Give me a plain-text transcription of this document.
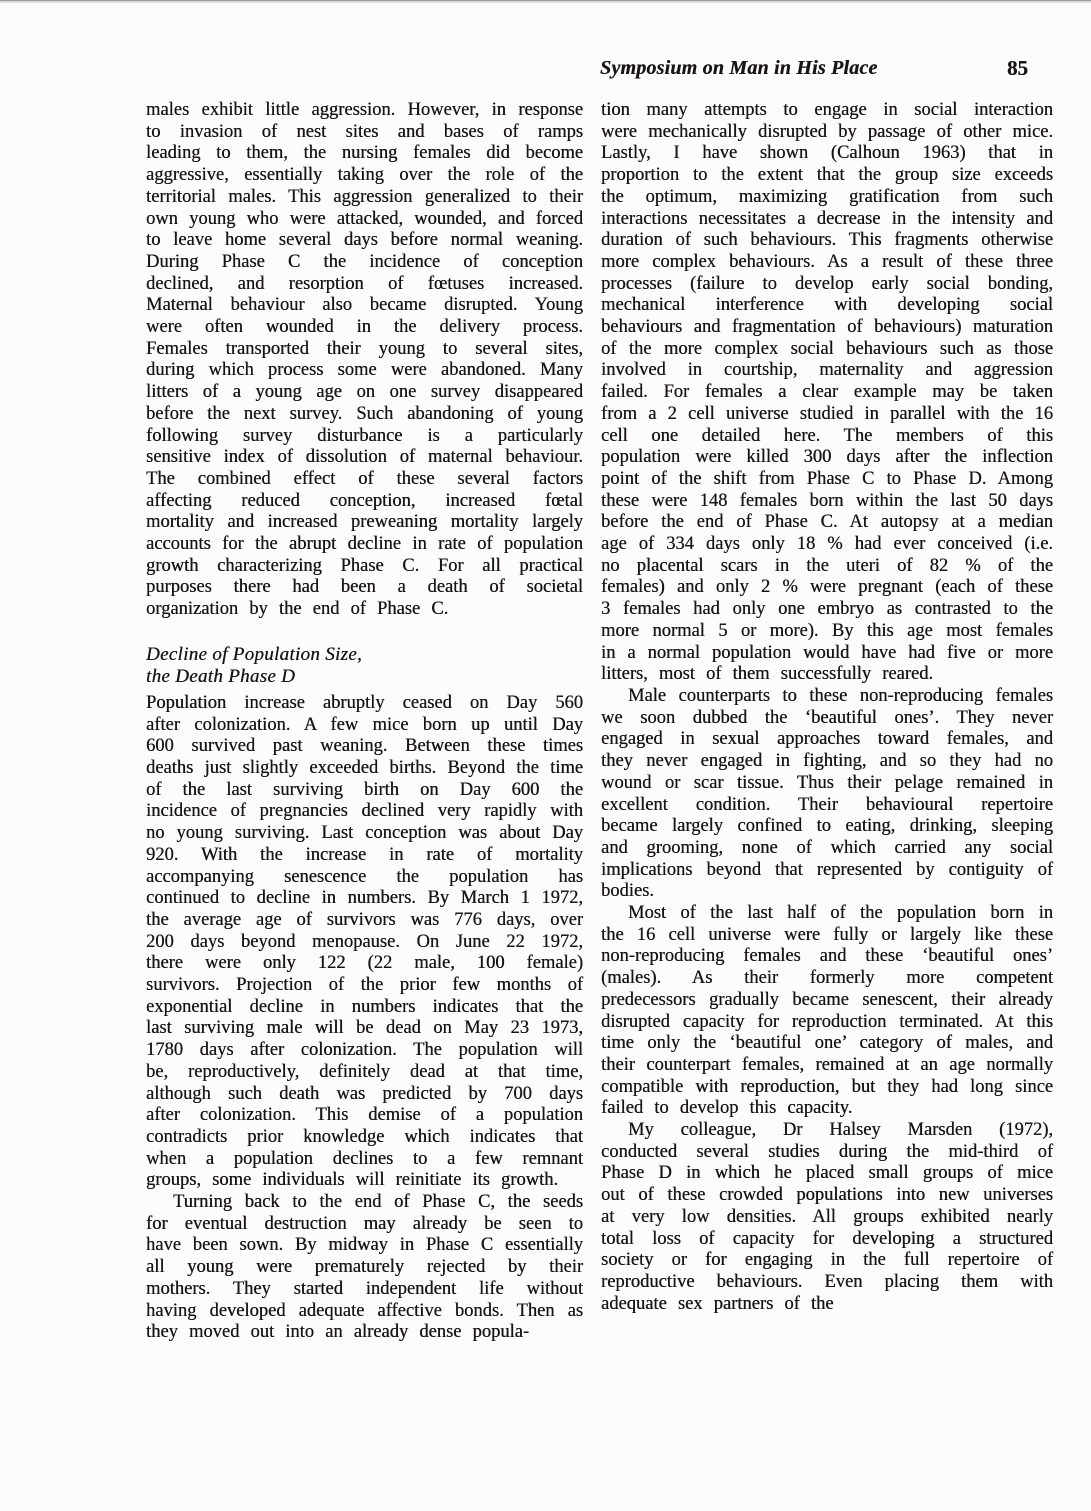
Symposium on Man in His Place	85

males exhibit little aggression. However, in response to invasion of nest sites and bases of ramps leading to them, the nursing females did become aggressive, essentially taking over the role of the territorial males. This aggression generalized to their own young who were attacked, wounded, and forced to leave home several days before normal weaning. During Phase C the incidence of conception declined, and resorption of fœtuses increased. Maternal behaviour also became disrupted. Young were often wounded in the delivery process. Females transported their young to several sites, during which process some were abandoned. Many litters of a young age on one survey disappeared before the next survey. Such abandoning of young following survey disturbance is a particularly sensitive index of dissolution of maternal behaviour. The combined effect of these several factors affecting reduced conception, increased fœtal mortality and increased preweaning mortality largely accounts for the abrupt decline in rate of population growth characterizing Phase C. For all practical purposes there had been a death of societal organization by the end of Phase C.

Decline of Population Size,
the Death Phase D

Population increase abruptly ceased on Day 560 after colonization. A few mice born up until Day 600 survived past weaning. Between these times deaths just slightly exceeded births. Beyond the time of the last surviving birth on Day 600 the incidence of pregnancies declined very rapidly with no young surviving. Last conception was about Day 920. With the increase in rate of mortality accompanying senescence the population has continued to decline in numbers. By March 1 1972, the average age of survivors was 776 days, over 200 days beyond menopause. On June 22 1972, there were only 122 (22 male, 100 female) survivors. Projection of the prior few months of exponential decline in numbers indicates that the last surviving male will be dead on May 23 1973, 1780 days after colonization. The population will be, reproductively, definitely dead at that time, although such death was predicted by 700 days after colonization. This demise of a population contradicts prior knowledge which indicates that when a population declines to a few remnant groups, some individuals will reinitiate its growth.

Turning back to the end of Phase C, the seeds for eventual destruction may already be seen to have been sown. By midway in Phase C essentially all young were prematurely rejected by their mothers. They started independent life without having developed adequate affective bonds. Then as they moved out into an already dense popula-

tion many attempts to engage in social interaction were mechanically disrupted by passage of other mice. Lastly, I have shown (Calhoun 1963) that in proportion to the extent that the group size exceeds the optimum, maximizing gratification from such interactions necessitates a decrease in the intensity and duration of such behaviours. This fragments otherwise more complex behaviours. As a result of these three processes (failure to develop early social bonding, mechanical interference with developing social behaviours and fragmentation of behaviours) maturation of the more complex social behaviours such as those involved in courtship, maternality and aggression failed. For females a clear example may be taken from a 2 cell universe studied in parallel with the 16 cell one detailed here. The members of this population were killed 300 days after the inflection point of the shift from Phase C to Phase D. Among these were 148 females born within the last 50 days before the end of Phase C. At autopsy at a median age of 334 days only 18 % had ever conceived (i.e. no placental scars in the uteri of 82 % of the females) and only 2 % were pregnant (each of these 3 females had only one embryo as contrasted to the more normal 5 or more). By this age most females in a normal population would have had five or more litters, most of them successfully reared.

Male counterparts to these non-reproducing females we soon dubbed the ‘beautiful ones’. They never engaged in sexual approaches toward females, and they never engaged in fighting, and so they had no wound or scar tissue. Thus their pelage remained in excellent condition. Their behavioural repertoire became largely confined to eating, drinking, sleeping and grooming, none of which carried any social implications beyond that represented by contiguity of bodies.

Most of the last half of the population born in the 16 cell universe were fully or largely like these non-reproducing females and these ‘beautiful ones’ (males). As their formerly more competent predecessors gradually became senescent, their already disrupted capacity for reproduction terminated. At this time only the ‘beautiful one’ category of males, and their counterpart females, remained at an age normally compatible with reproduction, but they had long since failed to develop this capacity.

My colleague, Dr Halsey Marsden (1972), conducted several studies during the mid-third of Phase D in which he placed small groups of mice out of these crowded populations into new universes at very low densities. All groups exhibited nearly total loss of capacity for developing a structured society or for engaging in the full repertoire of reproductive behaviours. Even placing them with adequate sex partners of the
